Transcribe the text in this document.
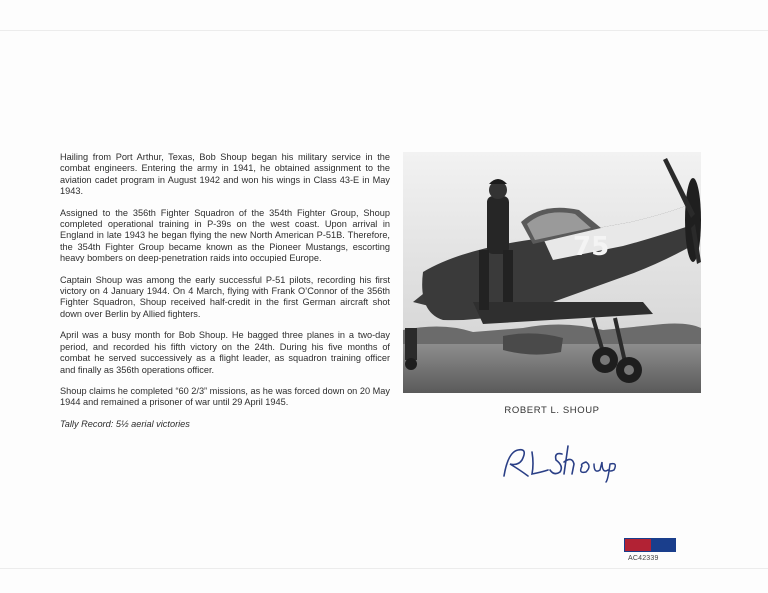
Hailing from Port Arthur, Texas, Bob Shoup began his military service in the combat engineers. Entering the army in 1941, he obtained assignment to the aviation cadet program in August 1942 and won his wings in Class 43-E in May 1943.

Assigned to the 356th Fighter Squadron of the 354th Fighter Group, Shoup completed operational training in P-39s on the west coast. Upon arrival in England in late 1943 he began flying the new North American P-51B. Therefore, the 354th Fighter Group became known as the Pioneer Mustangs, escorting heavy bombers on deep-penetration raids into occupied Europe.

Captain Shoup was among the early successful P-51 pilots, recording his first victory on 4 January 1944. On 4 March, flying with Frank O’Connor of the 356th Fighter Squadron, Shoup received half-credit in the first German aircraft shot down over Berlin by Allied fighters.

April was a busy month for Bob Shoup. He bagged three planes in a two-day period, and recorded his fifth victory on the 24th. During his five months of combat he served successively as a flight leader, as squadron training officer and finally as 356th operations officer.

Shoup claims he completed “60 2/3” missions, as he was forced down on 20 May 1944 and remained a prisoner of war until 29 April 1945.

Tally Record: 5½ aerial victories

75
ROBERT L. SHOUP
AC42339
